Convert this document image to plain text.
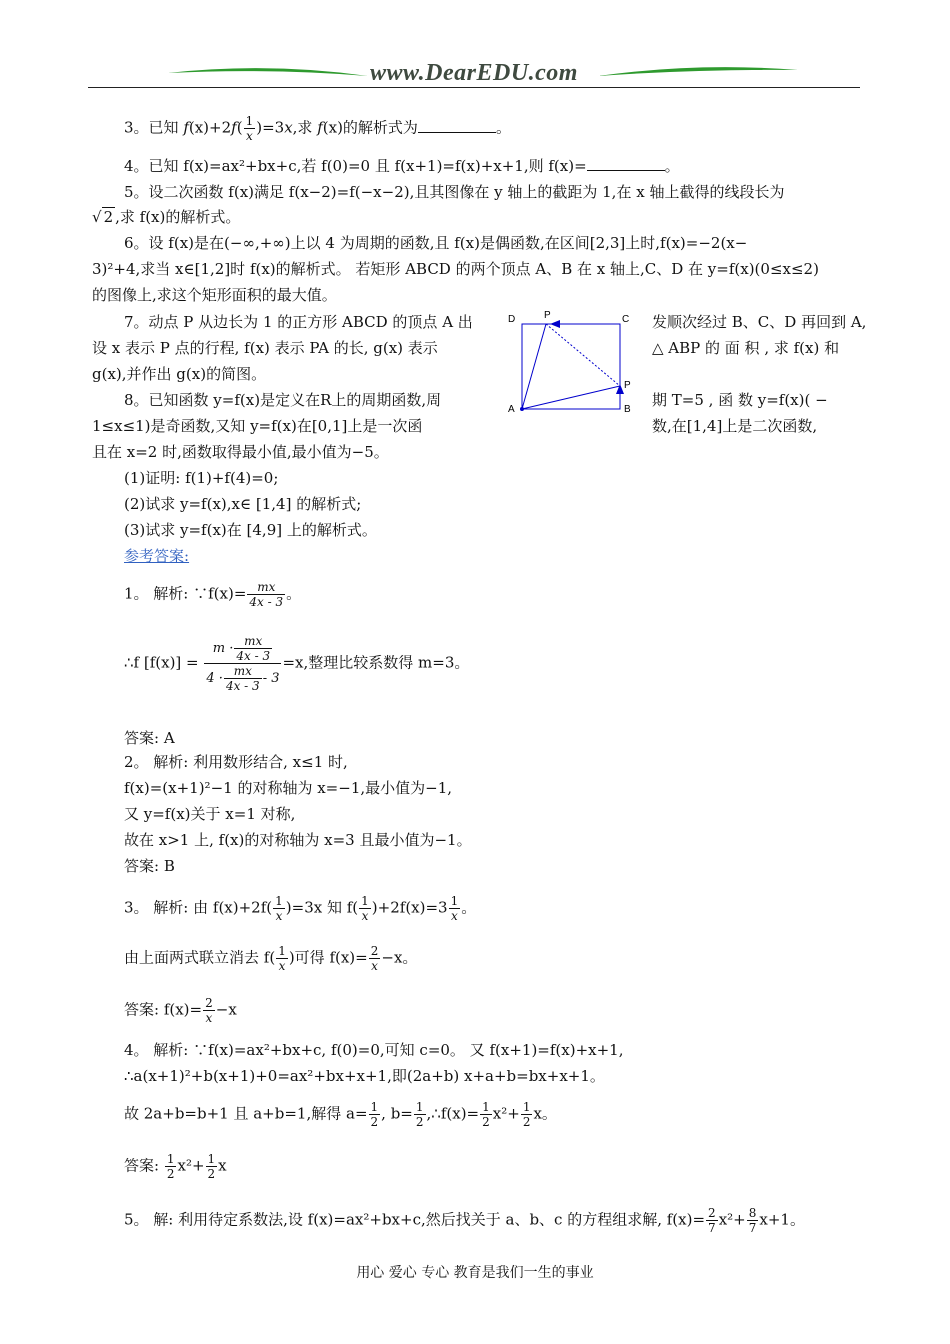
www.DearEDU.com
3。已知 $f(x)+2f( \frac{1}{x} )=3x$,求 f(x)的解析式为	。
4。已知 f(x)=ax²+bx+c,若 f(0)=0 且 f(x+1)=f(x)+x+1,则 f(x)=	。
5。设二次函数 f(x)满足 f(x−2)=f(−x−2),且其图像在 y 轴上的截距为 1,在 x 轴上截得的线段长为
√ 2 ,求 f(x)的解析式。
6。设 f(x)是在(−∞,+∞)上以 4 为周期的函数,且 f(x)是偶函数,在区间[2,3]上时,f(x)=−2(x−
3)²+4,求当 x∈[1,2]时 f(x)的解析式。 若矩形 ABCD 的两个顶点 A、B 在 x 轴上,C、D 在 y=f(x)(0≤x≤2)
的图像上,求这个矩形面积的最大值。
7。动点 P 从边长为 1 的正方形 ABCD 的顶点 A 出	发顺次经过 B、C、D 再回到 A,
设 x 表示 P 点的行程, f(x) 表示 PA 的长, g(x) 表示	△ ABP 的 面 积 , 求 f(x) 和
g(x),并作出 g(x)的简图。
8。已知函数 y=f(x)是定义在R上的周期函数,周	期 T=5 , 函 数 y=f(x)( −
1≤x≤1)是奇函数,又知 y=f(x)在[0,1]上是一次函	数,在[1,4]上是二次函数,
且在 x=2 时,函数取得最小值,最小值为−5。
(1)证明: f(1)+f(4)=0;
(2)试求 y=f(x),x∈ [1,4] 的解析式;
(3)试求 y=f(x)在 [4,9] 上的解析式。
D	P	C
P
A	B
参考答案:
1。 解析: ∵f(x)= $\frac{mx}{4x - 3}$ 。
∴f $[f(x)] = \frac{m \cdot \frac{mx}{4x - 3}}{4 \cdot \frac{mx}{4x - 3} - 3} =x$,整理比较系数得 m=3。
答案: A
2。 解析: 利用数形结合, x≤1 时,
f(x)=(x+1)²−1 的对称轴为 x=−1,最小值为−1,
又 y=f(x)关于 x=1 对称,
故在 x>1 上, f(x)的对称轴为 x=3 且最小值为−1。
答案: B
3。 解析: 由 $f(x)+2f( \frac{1}{x} )=3x$ 知 $f( \frac{1}{x} )+2f(x)=3 \frac{1}{x}$ 。
由上面两式联立消去 $f( \frac{1}{x}$ )可得 $f(x)= \frac{2}{x} -x$。
答案: $f(x)= \frac{2}{x} -x$
4。 解析: ∵f(x)=ax²+bx+c, f(0)=0,可知 c=0。 又 f(x+1)=f(x)+x+1,
∴a(x+1)²+b(x+1)+0=ax²+bx+x+1,即(2a+b) x+a+b=bx+x+1。
故 2a+b=b+1 且 a+b=1,解得 $a= \frac{1}{2}$ , $b= \frac{1}{2}$ ,∴f(x)= $\frac{1}{2} x^2+ \frac{1}{2}$ x。
答案: $\frac{1}{2} x^2+ \frac{1}{2}$ x
5。 解: 利用待定系数法,设 f(x)=ax²+bx+c,然后找关于 a、b、c 的方程组求解, $f(x)= \frac{2}{7} x^2+ \frac{8}{7} x+1$。
用心 爱心 专心 教育是我们一生的事业
